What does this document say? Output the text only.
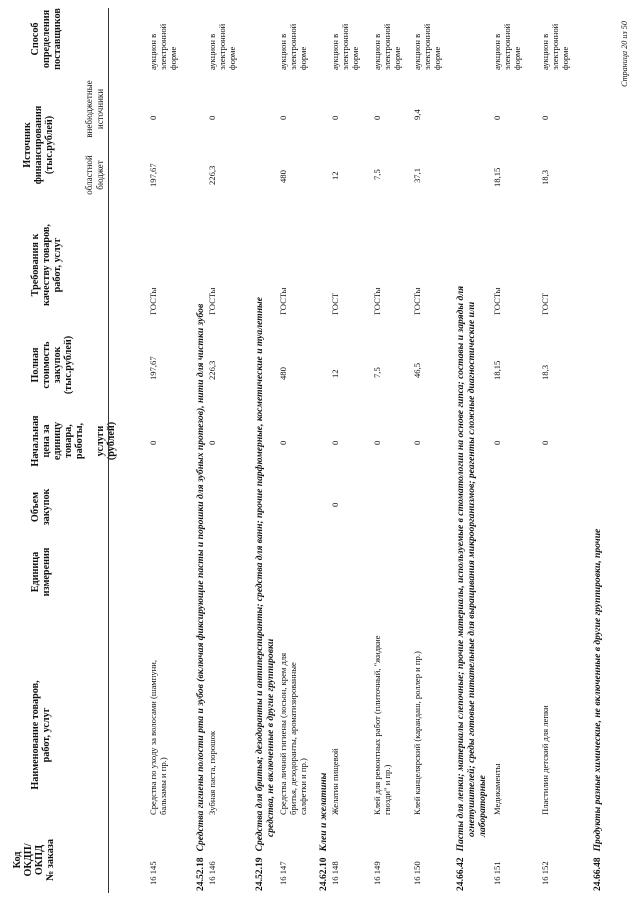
Код ОКДП/ ОКПД № заказа
Наименование товаров, работ, услуг
Единица измерения
Объем закупок
Начальная цена за единицу товара, работы, услуги (рублей)
Полная стоимость закупок (тыс.рублей)
Требования к качеству товаров, работ, услуг
Источник финансирования (тыс.рублей)
областной бюджет
внебюджетные источники
Способ определения поставщиков
16 145
Средства по уходу за волосами (шампуни, бальзамы и пр.)
0
197,67
ГОСТы
197,67
0
аукцион в электронной форме
24.52.18Средства гигиены полости рта и зубов (включая фиксирующие пасты и порошки для зубных протезов), нити для чистки зубов
16 146
Зубная паста, порошок
0
226,3
ГОСТы
226,3
0
аукцион в электронной форме
24.52.19Средства для бритья; дезодоранты и антиперспиранты; средства для ванн; прочие парфюмерные, косметические и туалетные средства, не включенные в другие группировки
16 147
Средства личной гигиены (лосьон, крем для бритья, дезодоранты, ароматизированные салфетки и пр.)
0
480
ГОСТы
480
0
аукцион в электронной форме
24.62.10Клеи и желатины
16 148
Желатин пищевой
0
0
12
ГОСТ
12
0
аукцион в электронной форме
16 149
Клей для ремонтных работ (плиточный, "жидкие гвозди" и пр.)
0
7,5
ГОСТы
7,5
0
аукцион в электронной форме
16 150
Клей канцелярский (карандаш, роллер и пр.)
0
46,5
ГОСТы
37,1
9,4
аукцион в электронной форме
24.66.42Пасты для лепки; материалы слепочные; прочие материалы, используемые в стоматологии на основе гипса; составы и заряды для огнетушителей; среды готовые питательные для выращивания микроорганизмов; реагенты сложные диагностические или лабораторные
16 151
Медикаменты
0
18,15
ГОСТы
18,15
0
аукцион в электронной форме
16 152
Пластилин детский для лепки
0
18,3
ГОСТ
18,3
0
аукцион в электронной форме
24.66.48Продукты разные химические, не включенные в другие группировки, прочие
Страница 20 из 50
